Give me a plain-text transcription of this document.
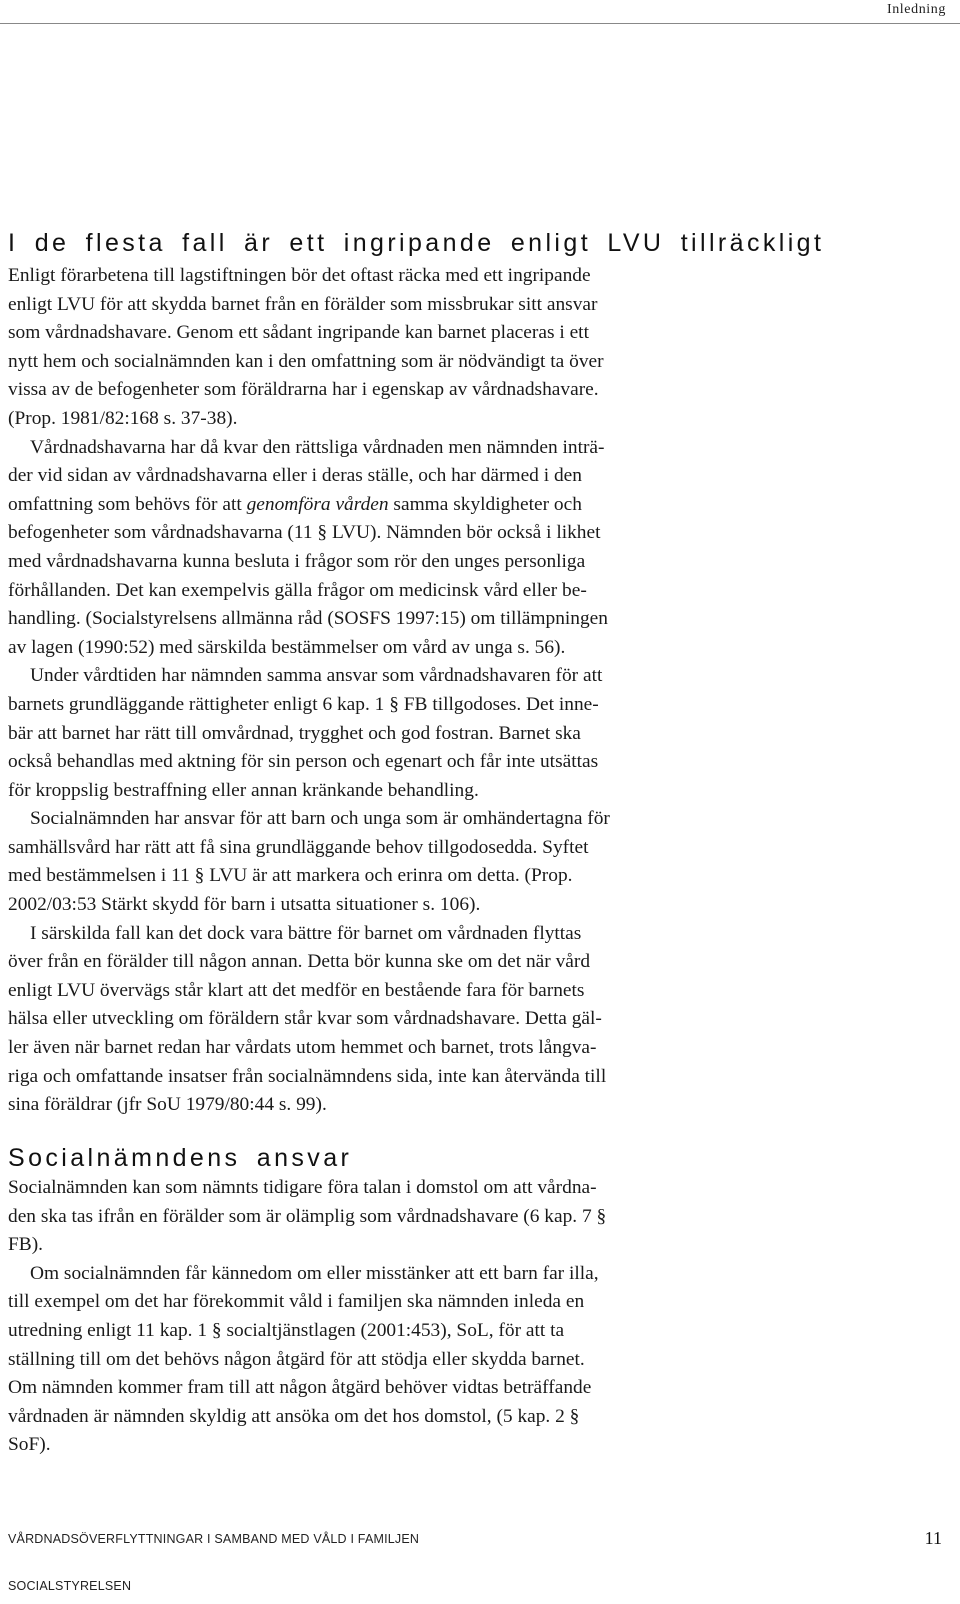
Inledning
I de flesta fall är ett ingripande enligt LVU tillräckligt

Enligt förarbetena till lagstiftningen bör det oftast räcka med ett ingripande
enligt LVU för att skydda barnet från en förälder som missbrukar sitt ansvar
som vårdnadshavare. Genom ett sådant ingripande kan barnet placeras i ett
nytt hem och socialnämnden kan i den omfattning som är nödvändigt ta över
vissa av de befogenheter som föräldrarna har i egenskap av vårdnadshavare.
(Prop. 1981/82:168 s. 37-38).

Vårdnadshavarna har då kvar den rättsliga vårdnaden men nämnden inträ-
der vid sidan av vårdnadshavarna eller i deras ställe, och har därmed i den
omfattning som behövs för att genomföra vården samma skyldigheter och
befogenheter som vårdnadshavarna (11 § LVU). Nämnden bör också i likhet
med vårdnadshavarna kunna besluta i frågor som rör den unges personliga
förhållanden. Det kan exempelvis gälla frågor om medicinsk vård eller be-
handling. (Socialstyrelsens allmänna råd (SOSFS 1997:15) om tillämpningen
av lagen (1990:52) med särskilda bestämmelser om vård av unga s. 56).

Under vårdtiden har nämnden samma ansvar som vårdnadshavaren för att
barnets grundläggande rättigheter enligt 6 kap. 1 § FB tillgodoses. Det inne-
bär att barnet har rätt till omvårdnad, trygghet och god fostran. Barnet ska
också behandlas med aktning för sin person och egenart och får inte utsättas
för kroppslig bestraffning eller annan kränkande behandling.

Socialnämnden har ansvar för att barn och unga som är omhändertagna för
samhällsvård har rätt att få sina grundläggande behov tillgodosedda. Syftet
med bestämmelsen i 11 § LVU är att markera och erinra om detta. (Prop.
2002/03:53 Stärkt skydd för barn i utsatta situationer s. 106).

I särskilda fall kan det dock vara bättre för barnet om vårdnaden flyttas
över från en förälder till någon annan. Detta bör kunna ske om det när vård
enligt LVU övervägs står klart att det medför en bestående fara för barnets
hälsa eller utveckling om föräldern står kvar som vårdnadshavare. Detta gäl-
ler även när barnet redan har vårdats utom hemmet och barnet, trots långva-
riga och omfattande insatser från socialnämndens sida, inte kan återvända till
sina föräldrar (jfr SoU 1979/80:44 s. 99).

Socialnämndens ansvar

Socialnämnden kan som nämnts tidigare föra talan i domstol om att vårdna-
den ska tas ifrån en förälder som är olämplig som vårdnadshavare (6 kap. 7 §
FB).

Om socialnämnden får kännedom om eller misstänker att ett barn far illa,
till exempel om det har förekommit våld i familjen ska nämnden inleda en
utredning enligt 11 kap. 1 § socialtjänstlagen (2001:453), SoL, för att ta
ställning till om det behövs någon åtgärd för att stödja eller skydda barnet.
Om nämnden kommer fram till att någon åtgärd behöver vidtas beträffande
vårdnaden är nämnden skyldig att ansöka om det hos domstol, (5 kap. 2 §
SoF).

VÅRDNADSÖVERFLYTTNINGAR I SAMBAND MED VÅLD I FAMILJEN	11
SOCIALSTYRELSEN
